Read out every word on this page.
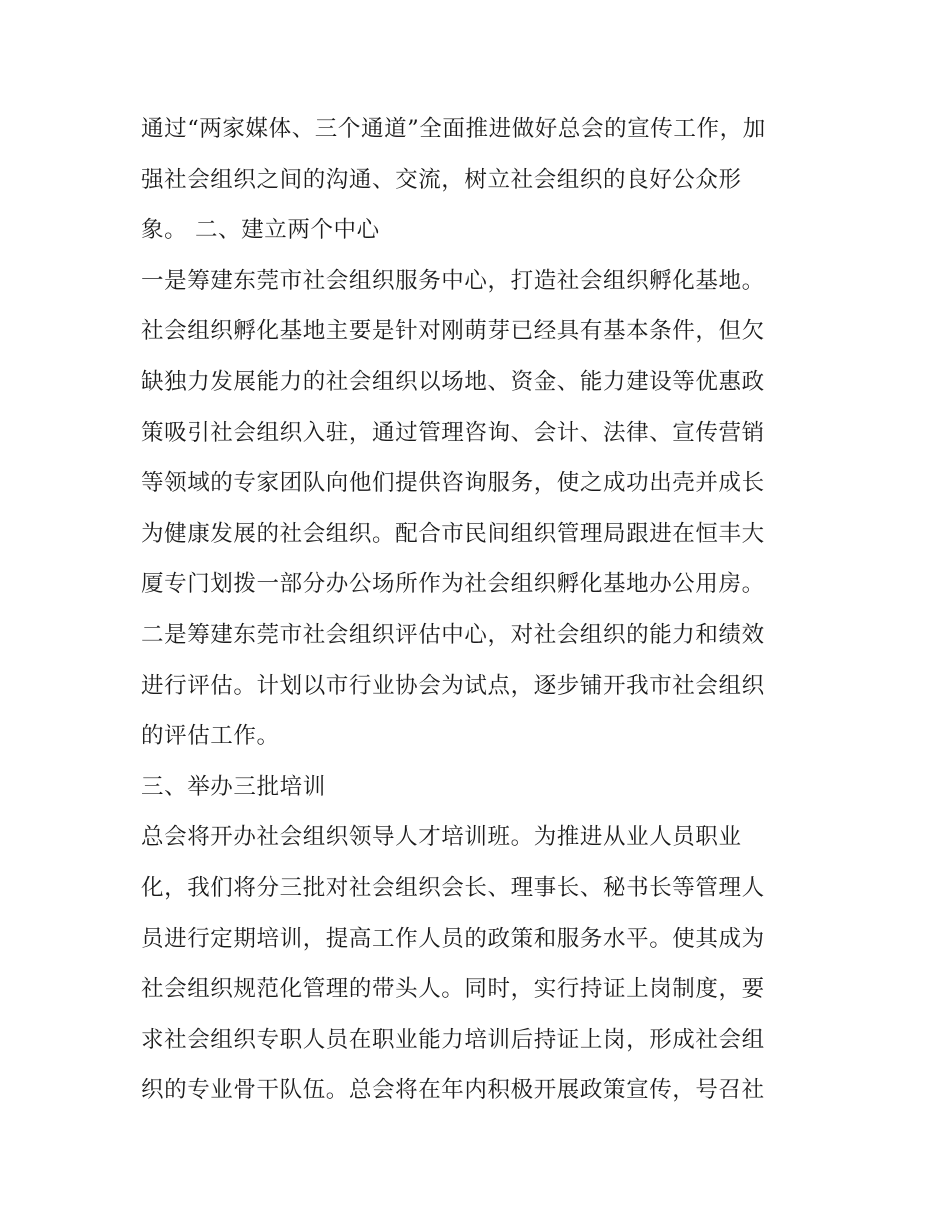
通过“两家媒体、三个通道”全面推进做好总会的宣传工作，加
强社会组织之间的沟通、交流，树立社会组织的良好公众形
象。 二、建立两个中心
一是筹建东莞市社会组织服务中心，打造社会组织孵化基地。
社会组织孵化基地主要是针对刚萌芽已经具有基本条件，但欠
缺独力发展能力的社会组织以场地、资金、能力建设等优惠政
策吸引社会组织入驻，通过管理咨询、会计、法律、宣传营销
等领域的专家团队向他们提供咨询服务，使之成功出壳并成长
为健康发展的社会组织。配合市民间组织管理局跟进在恒丰大
厦专门划拨一部分办公场所作为社会组织孵化基地办公用房。
二是筹建东莞市社会组织评估中心，对社会组织的能力和绩效
进行评估。计划以市行业协会为试点，逐步铺开我市社会组织
的评估工作。
三、举办三批培训
总会将开办社会组织领导人才培训班。为推进从业人员职业
化，我们将分三批对社会组织会长、理事长、秘书长等管理人
员进行定期培训，提高工作人员的政策和服务水平。使其成为
社会组织规范化管理的带头人。同时，实行持证上岗制度，要
求社会组织专职人员在职业能力培训后持证上岗，形成社会组
织的专业骨干队伍。总会将在年内积极开展政策宣传，号召社
